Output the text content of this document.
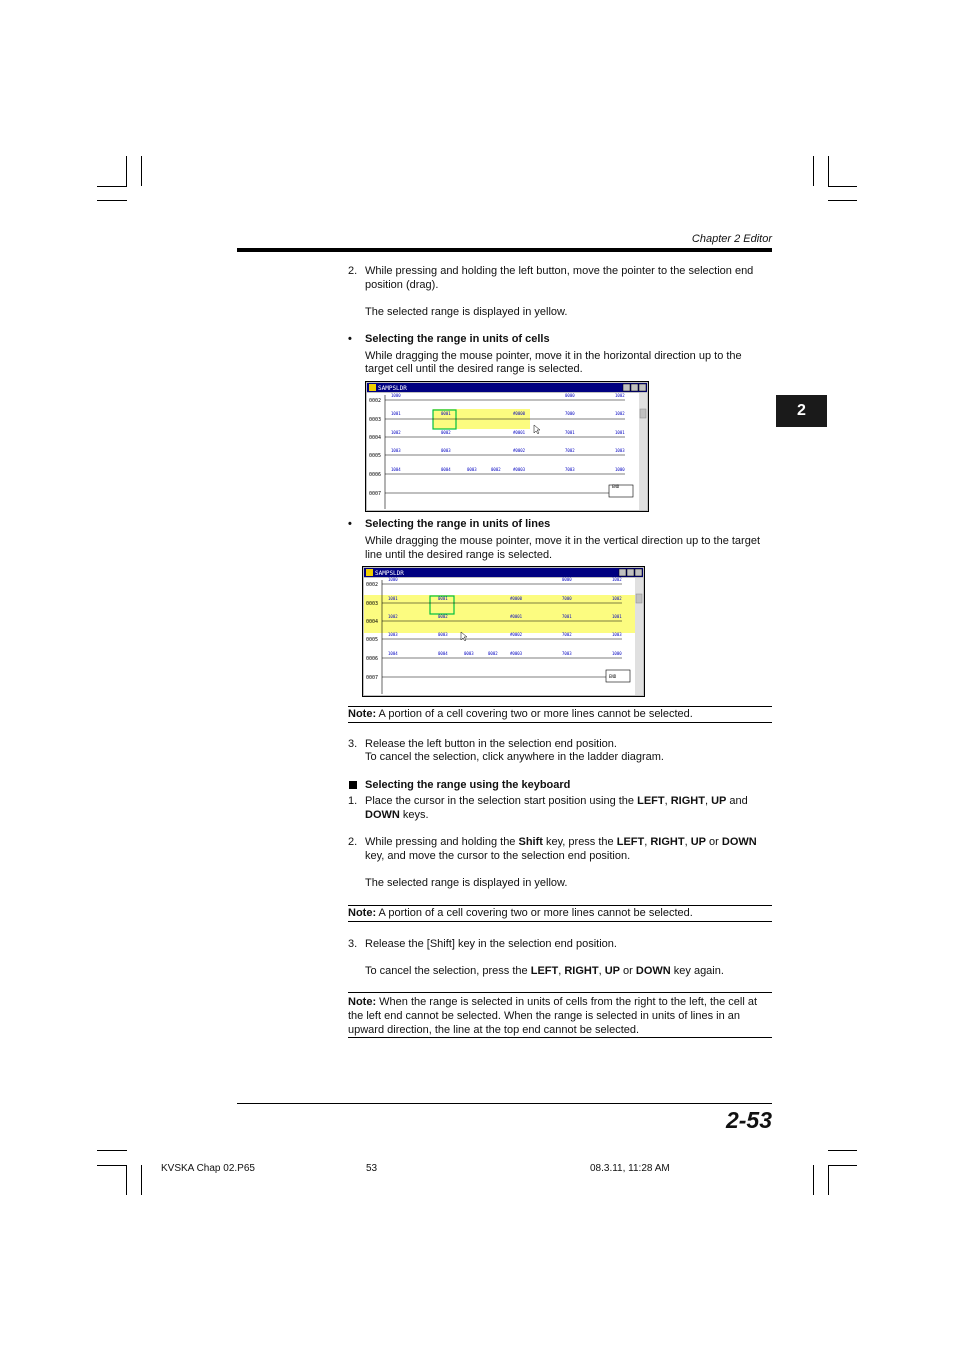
Chapter 2 Editor
2
2. While pressing and holding the left button, move the pointer to the selection end
position (drag).
The selected range is displayed in yellow.
• Selecting the range in units of cells
While dragging the mouse pointer, move it in the horizontal direction up to the
target cell until the desired range is selected.
SAMPSLDR
0002
0003
0004
0005
0006
0007
1000	0000	1002
1001	0001	#0000	7000	1002
1002	0002	#0001	7001	1001
1003	0003	#0002	7002	1003
1004	0004	0003	0002	#0003	7003	1000
END
• Selecting the range in units of lines
While dragging the mouse pointer, move it in the vertical direction up to the target
line until the desired range is selected.
SAMPSLDR
0002
0003
0004
0005
0006
0007
1000	0000	1002
1001	0001	#0000	7000	1002
1002	0002	#0001	7001	1001
1003	0003	#0002	7002	1003
1004	0004	0003	0002	#0003	7003	1000
END

Note: A portion of a cell covering two or more lines cannot be selected.

3. Release the left button in the selection end position.
To cancel the selection, click anywhere in the ladder diagram.
Selecting the range using the keyboard
1. Place the cursor in the selection start position using the LEFT, RIGHT, UP and
DOWN keys.
2. While pressing and holding the Shift key, press the LEFT, RIGHT, UP or DOWN
key, and move the cursor to the selection end position.
The selected range is displayed in yellow.

Note: A portion of a cell covering two or more lines cannot be selected.

3. Release the [Shift] key in the selection end position.
To cancel the selection, press the LEFT, RIGHT, UP or DOWN key again.

Note: When the range is selected in units of cells from the right to the left, the cell at

the left end cannot be selected. When the range is selected in units of lines in an

upward direction, the line at the top end cannot be selected.

2-53
KVSKA Chap 02.P65	53	08.3.11, 11:28 AM
